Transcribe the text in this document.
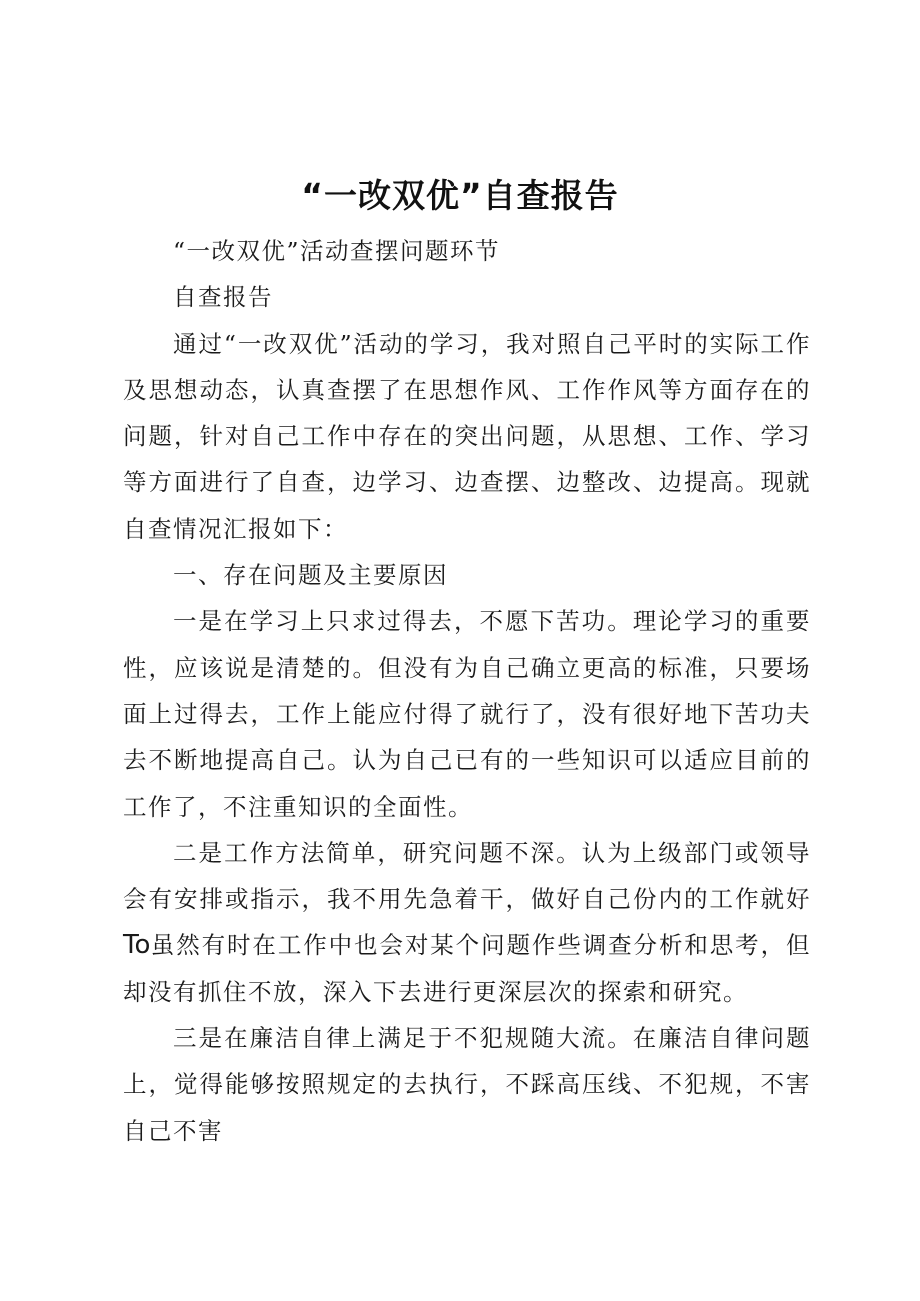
“一改双优”自查报告

“一改双优”活动查摆问题环节

自查报告

通过“一改双优”活动的学习，我对照自己平时的实际工作及思想动态，认真查摆了在思想作风、工作作风等方面存在的问题，针对自己工作中存在的突出问题，从思想、工作、学习等方面进行了自查，边学习、边查摆、边整改、边提高。现就自查情况汇报如下：

一、存在问题及主要原因

一是在学习上只求过得去，不愿下苦功。理论学习的重要性，应该说是清楚的。但没有为自己确立更高的标准，只要场面上过得去，工作上能应付得了就行了，没有很好地下苦功夫去不断地提高自己。认为自己已有的一些知识可以适应目前的工作了，不注重知识的全面性。

二是工作方法简单，研究问题不深。认为上级部门或领导会有安排或指示，我不用先急着干，做好自己份内的工作就好To虽然有时在工作中也会对某个问题作些调查分析和思考，但却没有抓住不放，深入下去进行更深层次的探索和研究。

三是在廉洁自律上满足于不犯规随大流。在廉洁自律问题上，觉得能够按照规定的去执行，不踩高压线、不犯规，不害自己不害
